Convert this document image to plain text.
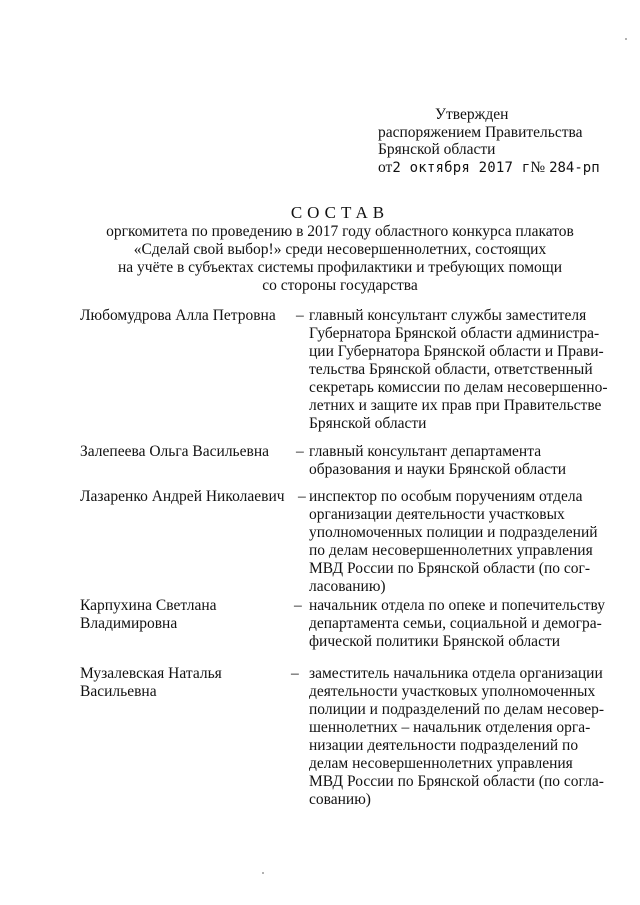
Утвержден
распоряжением Правительства
Брянской области
от2 октября 2017 г№ 284-рп
СОСТАВ
оргкомитета по проведению в 2017 году областного конкурса плакатов
«Сделай свой выбор!» среди несовершеннолетних, состоящих
на учёте в субъектах системы профилактики и требующих помощи
со стороны государства
Любомудрова Алла Петровна	– главный консультант службы заместителя
Губернатора Брянской области администра-
ции Губернатора Брянской области и Прави-
тельства Брянской области, ответственный
секретарь комиссии по делам несовершенно-
летних и защите их прав при Правительстве
Брянской области
Залепеева Ольга Васильевна	– главный консультант департамента
образования и науки Брянской области
Лазаренко Андрей Николаевич – инспектор по особым поручениям отдела
организации деятельности участковых
уполномоченных полиции и подразделений
по делам несовершеннолетних управления
МВД России по Брянской области (по сог-
ласованию)
Карпухина Светлана
Владимировна
– начальник отдела по опеке и попечительству
департамента семьи, социальной и демогра-
фической политики Брянской области
Музалевская Наталья
Васильевна
– заместитель начальника отдела организации
деятельности участковых уполномоченных
полиции и подразделений по делам несовер-
шеннолетних – начальник отделения орга-
низации деятельности подразделений по
делам несовершеннолетних управления
МВД России по Брянской области (по согла-
сованию)
